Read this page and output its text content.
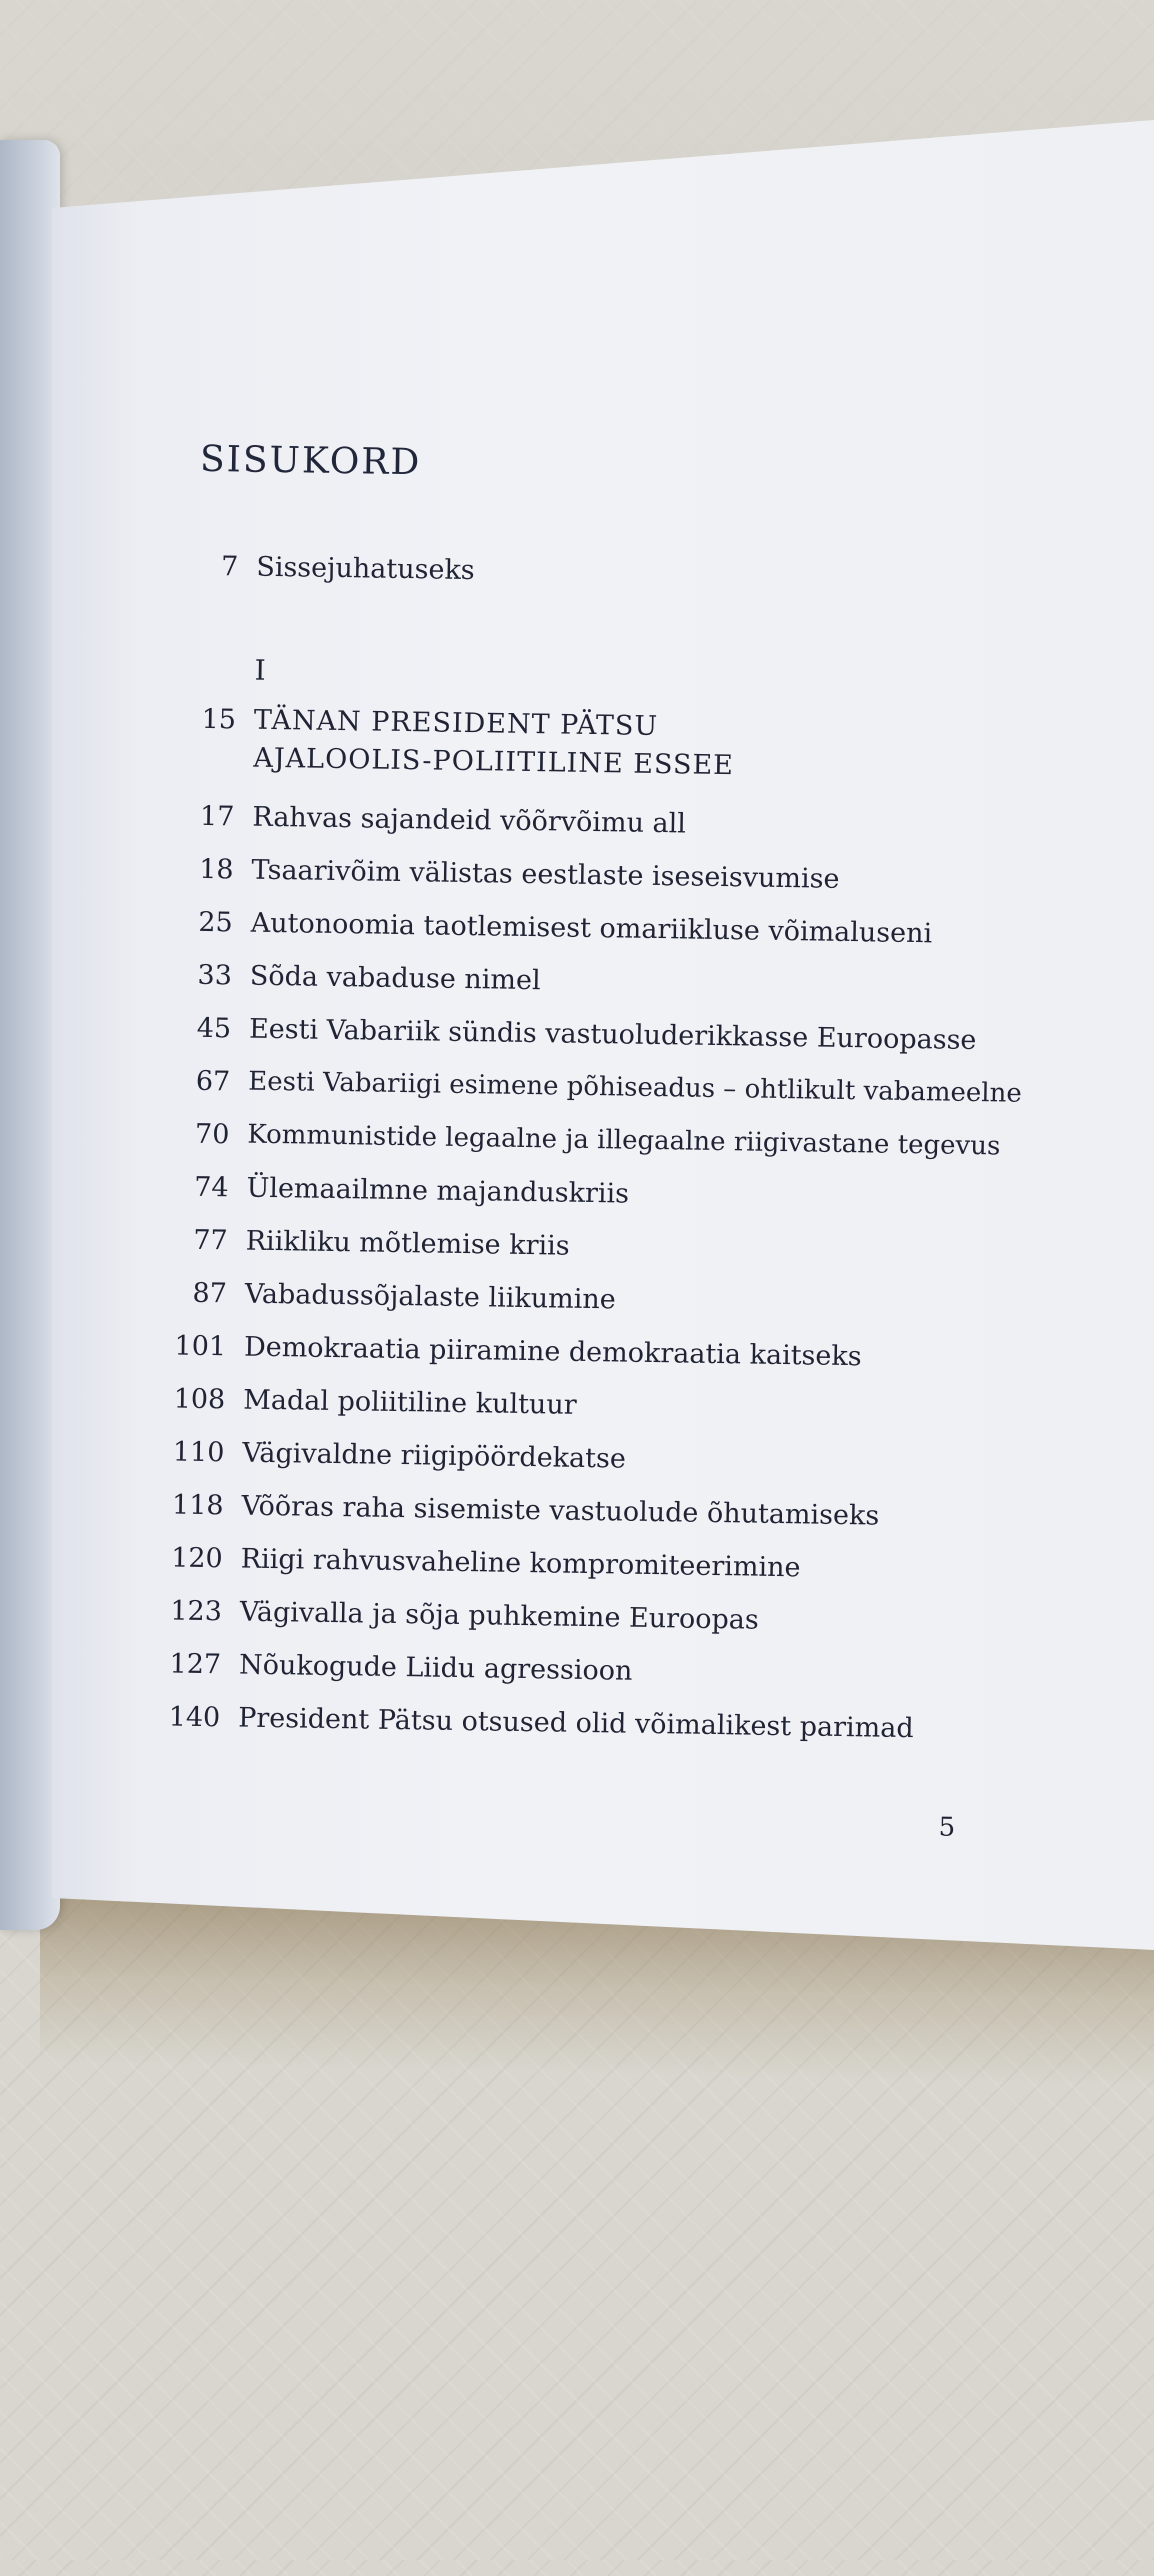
SISUKORD
I
7 Sissejuhatuseks
15 TÄNAN PRESIDENT PÄTSU
AJALOOLIS-POLIITILINE ESSEE
17 Rahvas sajandeid võõrvõimu all
18 Tsaarivõim välistas eestlaste iseseisvumise
25 Autonoomia taotlemisest omariikluse võimaluseni
33 Sõda vabaduse nimel
45 Eesti Vabariik sündis vastuoluderikkasse Euroopasse
67 Eesti Vabariigi esimene põhiseadus – ohtlikult vabameelne
70 Kommunistide legaalne ja illegaalne riigivastane tegevus
74 Ülemaailmne majanduskriis
77 Riikliku mõtlemise kriis
87 Vabadussõjalaste liikumine
101 Demokraatia piiramine demokraatia kaitseks
108 Madal poliitiline kultuur
110 Vägivaldne riigipöördekatse
118 Võõras raha sisemiste vastuolude õhutamiseks
120 Riigi rahvusvaheline kompromiteerimine
123 Vägivalla ja sõja puhkemine Euroopas
127 Nõukogude Liidu agressioon
140 President Pätsu otsused olid võimalikest parimad
5
